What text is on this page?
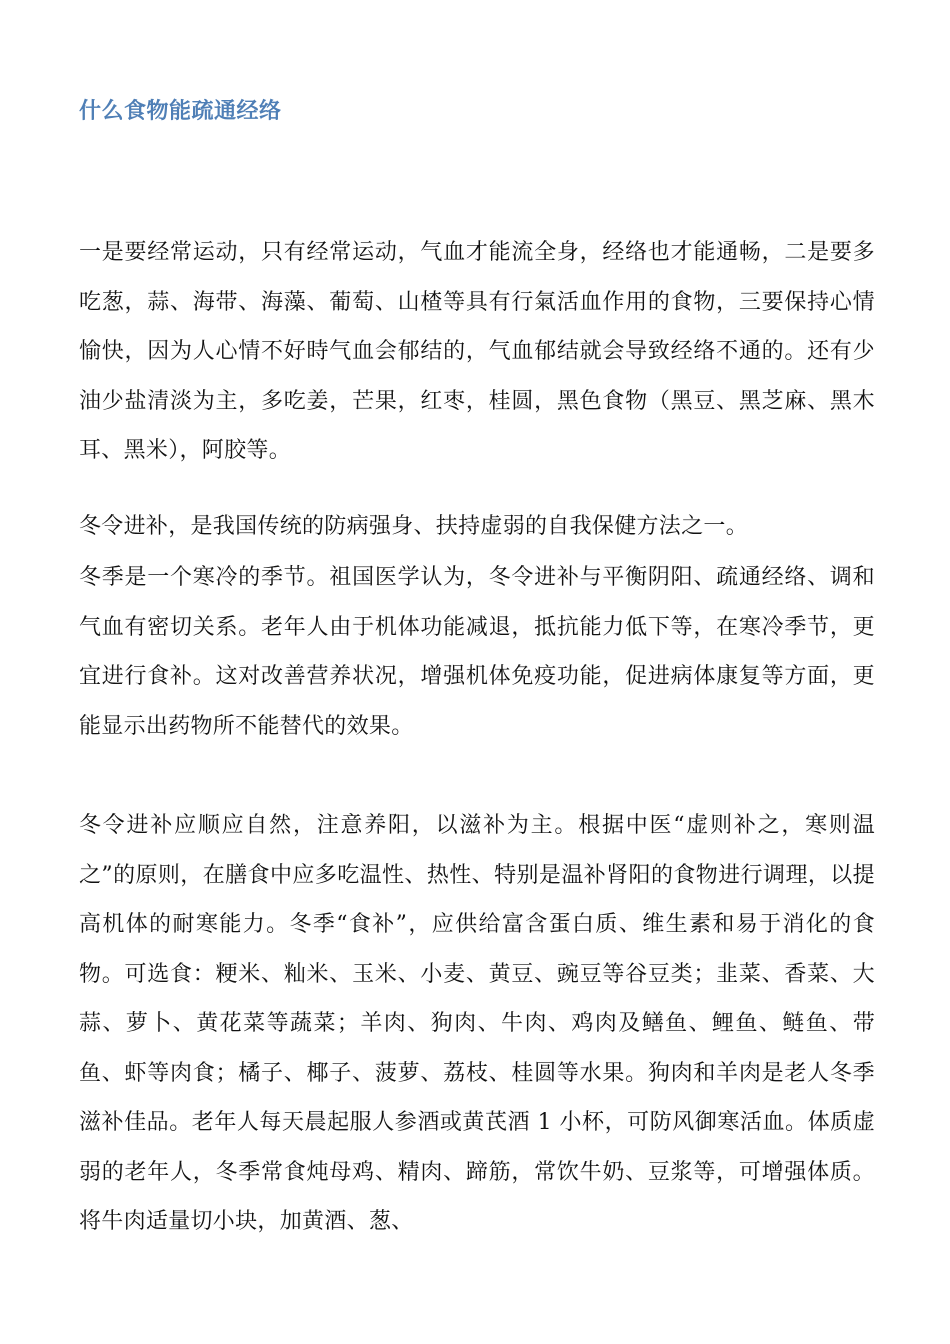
什么食物能疏通经络

一是要经常运动，只有经常运动，气血才能流全身，经络也才能通畅，二是要多吃葱，蒜、海带、海藻、葡萄、山楂等具有行氣活血作用的食物，三要保持心情愉快，因为人心情不好時气血会郁结的，气血郁结就会导致经络不通的。还有少油少盐清淡为主，多吃姜，芒果，红枣，桂圆，黑色食物（黑豆、黑芝麻、黑木耳、黑米），阿胶等。

冬令进补，是我国传统的防病强身、扶持虚弱的自我保健方法之一。

冬季是一个寒冷的季节。祖国医学认为，冬令进补与平衡阴阳、疏通经络、调和气血有密切关系。老年人由于机体功能减退，抵抗能力低下等，在寒冷季节，更宜进行食补。这对改善营养状况，增强机体免疫功能，促进病体康复等方面，更能显示出药物所不能替代的效果。

冬令进补应顺应自然，注意养阳，以滋补为主。根据中医“虚则补之，寒则温之”的原则，在膳食中应多吃温性、热性、特别是温补肾阳的食物进行调理，以提高机体的耐寒能力。冬季“食补”，应供给富含蛋白质、维生素和易于消化的食物。可选食：粳米、籼米、玉米、小麦、黄豆、豌豆等谷豆类；韭菜、香菜、大蒜、萝卜、黄花菜等蔬菜；羊肉、狗肉、牛肉、鸡肉及鳝鱼、鲤鱼、鲢鱼、带鱼、虾等肉食；橘子、椰子、菠萝、荔枝、桂圆等水果。狗肉和羊肉是老人冬季滋补佳品。老年人每天晨起服人参酒或黄芪酒 1 小杯，可防风御寒活血。体质虚弱的老年人，冬季常食炖母鸡、精肉、蹄筋，常饮牛奶、豆浆等，可增强体质。将牛肉适量切小块，加黄酒、葱、
